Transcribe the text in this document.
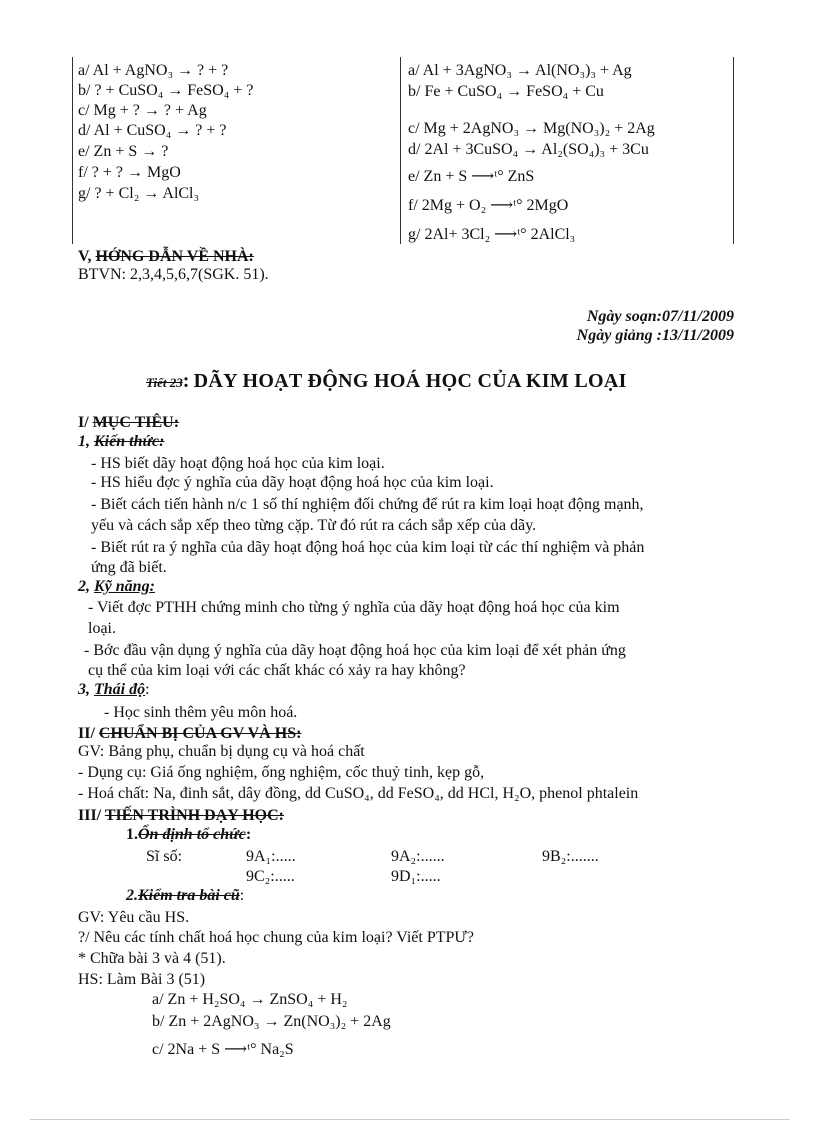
a/ Al + AgNO₃ → ? + ?
b/ ? + CuSO₄ → FeSO₄ + ?
c/ Mg + ? → ? + Ag
d/ Al + CuSO₄ → ? + ?
e/ Zn + S → ?
f/ ? + ? → MgO
g/ ? + Cl₂ → AlCl₃
a/ Al + 3AgNO₃ → Al(NO₃)₃ + Ag
b/ Fe + CuSO₄ → FeSO₄ + Cu
c/ Mg + 2AgNO₃ → Mg(NO₃)₂ + 2Ag
d/ 2Al + 3CuSO₄ → Al₂(SO₄)₃ + 3Cu
e/ Zn + S ⟶ᵗ° ZnS
f/ 2Mg + O₂ ⟶ᵗ° 2MgO
g/ 2Al+ 3Cl₂ ⟶ᵗ° 2AlCl₃
V, HỚNG DẪN VỀ NHÀ:
BTVN: 2,3,4,5,6,7(SGK. 51).
Ngày soạn:07/11/2009
Ngày giảng :13/11/2009
Tiết 23: DÃY HOẠT ĐỘNG HOÁ HỌC CỦA KIM LOẠI
I/ MỤC TIÊU:
1, Kiến thức:
- HS biết dãy hoạt động hoá học của kim loại.
- HS hiểu đợc ý nghĩa của dãy hoạt động hoá học của kim loại.
- Biết cách tiến hành n/c 1 số thí nghiệm đối chứng để rút ra kim loại hoạt động mạnh,
yếu và cách sắp xếp theo từng cặp. Từ đó rút ra cách sắp xếp của dãy.
- Biết rút ra ý nghĩa của dãy hoạt động hoá học của kim loại từ các thí nghiệm và phản
ứng đã biết.
2, Kỹ năng:
- Viết đợc PTHH chứng minh cho từng ý nghĩa của dãy hoạt động hoá học của kim
loại.
- Bớc đầu vận dụng ý nghĩa của dãy hoạt động hoá học của kim loại để xét phản ứng
cụ thể của kim loại với các chất khác có xảy ra hay không?
3, Thái độ:
- Học sinh thêm yêu môn hoá.
II/ CHUẨN BỊ CỦA GV VÀ HS:
GV: Bảng phụ, chuẩn bị dụng cụ và hoá chất
- Dụng cụ: Giá ống nghiệm, ống nghiệm, cốc thuỷ tinh, kẹp gỗ,
- Hoá chất: Na, đinh sắt, dây đồng, dd CuSO₄, dd FeSO₄, dd HCl, H₂O, phenol phtalein
III/ TIẾN TRÌNH DẠY HỌC:
1.Ổn định tổ chức:
Sĩ số:	9A₁:.....	9A₂:......	9B₂:.......
9C₂:.....	9D₁:.....
2.Kiểm tra bài cũ:
GV: Yêu cầu HS.
?/ Nêu các tính chất hoá học chung của kim loại? Viết PTPƯ?
* Chữa bài 3 và 4 (51).
HS: Làm Bài 3 (51)
a/ Zn + H₂SO₄ → ZnSO₄ + H₂
b/ Zn + 2AgNO₃ → Zn(NO₃)₂ + 2Ag
c/ 2Na + S ⟶ᵗ° Na₂S
